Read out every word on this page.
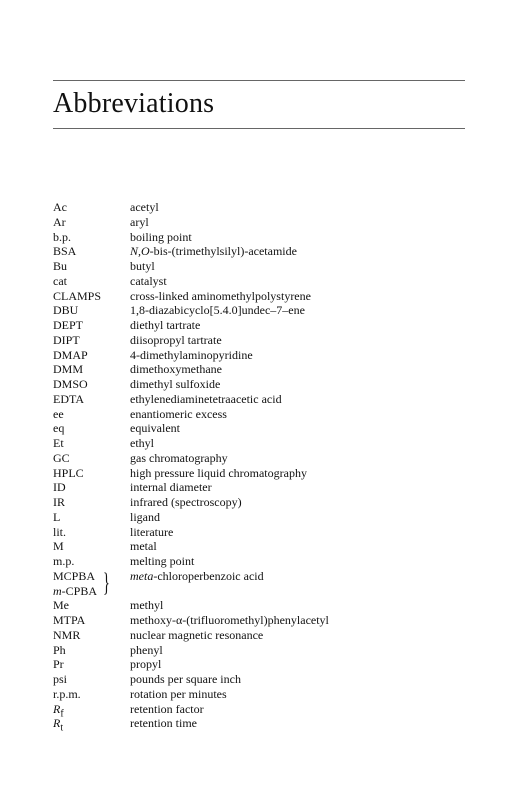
Abbreviations
Ac	acetyl
Ar	aryl
b.p.	boiling point
BSA	N,O-bis-(trimethylsilyl)-acetamide
Bu	butyl
cat	catalyst
CLAMPS	cross-linked aminomethylpolystyrene
DBU	1,8-diazabicyclo[5.4.0]undec–7–ene
DEPT	diethyl tartrate
DIPT	diisopropyl tartrate
DMAP	4-dimethylaminopyridine
DMM	dimethoxymethane
DMSO	dimethyl sulfoxide
EDTA	ethylenediaminetetraacetic acid
ee	enantiomeric excess
eq	equivalent
Et	ethyl
GC	gas chromatography
HPLC	high pressure liquid chromatography
ID	internal diameter
IR	infrared (spectroscopy)
L	ligand
lit.	literature
M	metal
m.p.	melting point
MCPBA
m-CPBA } meta-chloroperbenzoic acid
Me	methyl
MTPA	methoxy-α-(trifluoromethyl)phenylacetyl
NMR	nuclear magnetic resonance
Ph	phenyl
Pr	propyl
psi	pounds per square inch
r.p.m.	rotation per minutes
$R_f$	retention factor
$R_t$	retention time
